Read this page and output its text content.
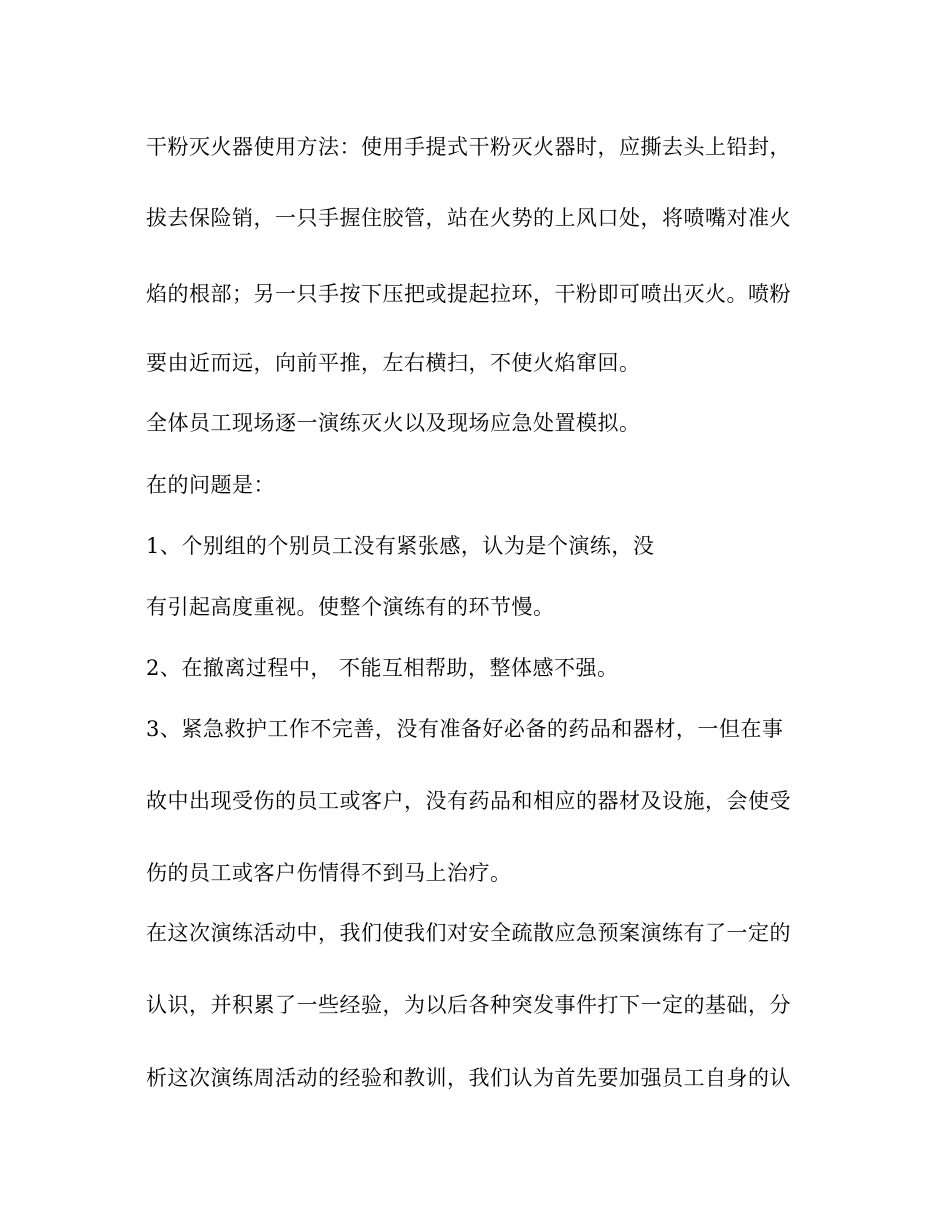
干粉灭火器使用方法：使用手提式干粉灭火器时，应撕去头上铅封，
拔去保险销，一只手握住胶管，站在火势的上风口处，将喷嘴对准火
焰的根部；另一只手按下压把或提起拉环，干粉即可喷出灭火。喷粉
要由近而远，向前平推，左右横扫，不使火焰窜回。
全体员工现场逐一演练灭火以及现场应急处置模拟。
在的问题是：
1、个别组的个别员工没有紧张感，认为是个演练，没
有引起高度重视。使整个演练有的环节慢。
2、在撤离过程中， 不能互相帮助，整体感不强。
3、紧急救护工作不完善，没有准备好必备的药品和器材，一但在事
故中出现受伤的员工或客户，没有药品和相应的器材及设施，会使受
伤的员工或客户伤情得不到马上治疗。
在这次演练活动中，我们使我们对安全疏散应急预案演练有了一定的
认识，并积累了一些经验，为以后各种突发事件打下一定的基础，分
析这次演练周活动的经验和教训，我们认为首先要加强员工自身的认
